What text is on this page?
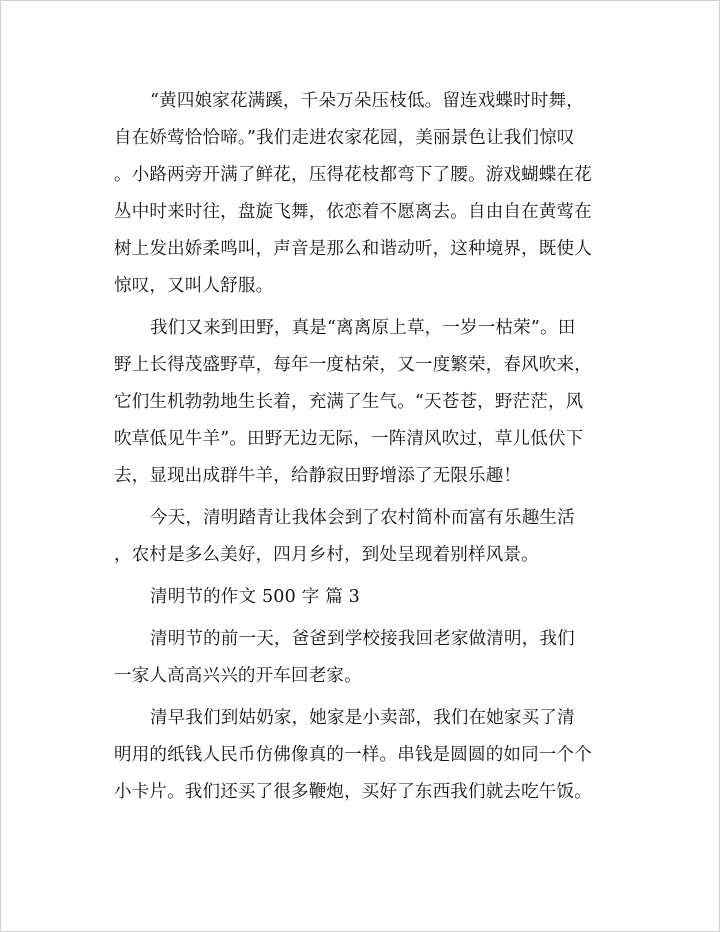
“黄四娘家花满蹊，千朵万朵压枝低。留连戏蝶时时舞，
自在娇莺恰恰啼。”我们走进农家花园，美丽景色让我们惊叹
。小路两旁开满了鲜花，压得花枝都弯下了腰。游戏蝴蝶在花
丛中时来时往，盘旋飞舞，依恋着不愿离去。自由自在黄莺在
树上发出娇柔鸣叫，声音是那么和谐动听，这种境界，既使人
惊叹，又叫人舒服。
我们又来到田野，真是“离离原上草，一岁一枯荣”。田
野上长得茂盛野草，每年一度枯荣，又一度繁荣，春风吹来，
它们生机勃勃地生长着，充满了生气。“天苍苍，野茫茫，风
吹草低见牛羊”。田野无边无际，一阵清风吹过，草儿低伏下
去，显现出成群牛羊，给静寂田野增添了无限乐趣！
今天，清明踏青让我体会到了农村简朴而富有乐趣生活
，农村是多么美好，四月乡村，到处呈现着别样风景。
清明节的作文 500 字 篇 3
清明节的前一天，爸爸到学校接我回老家做清明，我们
一家人高高兴兴的开车回老家。
清早我们到姑奶家，她家是小卖部，我们在她家买了清
明用的纸钱人民币仿佛像真的一样。串钱是圆圆的如同一个个
小卡片。我们还买了很多鞭炮，买好了东西我们就去吃午饭。
